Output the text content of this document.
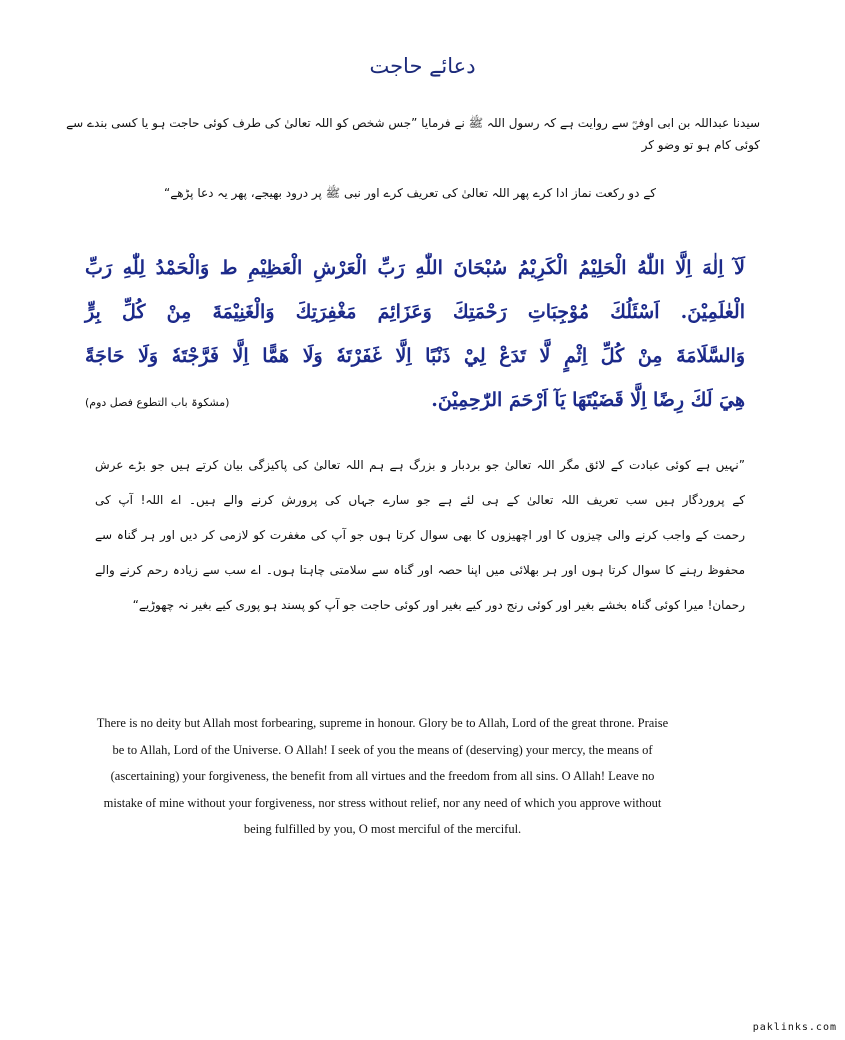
دعائے حاجت
سیدنا عبداللہ بن ابی اوفیؓ سے روایت ہے کہ رسول اللہ ﷺ نے فرمایا ”جس شخص کو اللہ تعالیٰ کی طرف کوئی حاجت ہو یا کسی بندے سے کوئی کام ہو تو وضو کر
کے دو رکعت نماز ادا کرے پھر اللہ تعالیٰ کی تعریف کرے اور نبی ﷺ پر درود بھیجے، پھر یہ دعا پڑھے“
لَآ اِلٰهَ اِلَّا اللّٰهُ الْحَلِيْمُ الْكَرِيْمُ سُبْحَانَ اللّٰهِ رَبِّ الْعَرْشِ الْعَظِيْمِ ط وَالْحَمْدُ لِلّٰهِ رَبِّ
الْعٰلَمِيْنَ. اَسْئَلُكَ مُوْجِبَاتِ رَحْمَتِكَ وَعَزَائِمَ مَغْفِرَتِكَ وَالْغَنِيْمَةَ مِنْ كُلِّ بِرٍّ
وَالسَّلَامَةَ مِنْ كُلِّ اِثْمٍ لَّا تَدَعْ لِيْ ذَنْبًا اِلَّا غَفَرْتَهٗ وَلَا هَمًّا اِلَّا فَرَّجْتَهٗ وَلَا حَاجَةً
هِيَ لَكَ رِضًا اِلَّا قَضَيْتَهَا يَآ اَرْحَمَ الرّٰحِمِيْنَ.
(مشکوۃ باب التطوع فصل دوم)
”نہیں ہے کوئی عبادت کے لائق مگر اللہ تعالیٰ جو بردبار و بزرگ ہے ہم اللہ تعالیٰ کی پاکیزگی بیان کرتے ہیں جو بڑے عرش
کے پروردگار ہیں سب تعریف اللہ تعالیٰ کے ہی لئے ہے جو سارے جہاں کی پرورش کرنے والے ہیں۔ اے اللہ! آپ کی
رحمت کے واجب کرنے والی چیزوں کا اور اچھیزوں کا بھی سوال کرتا ہوں جو آپ کی مغفرت کو لازمی کر دیں اور ہر گناہ سے
محفوظ رہنے کا سوال کرتا ہوں اور ہر بھلائی میں اپنا حصہ اور گناہ سے سلامتی چاہتا ہوں۔ اے سب سے زیادہ رحم کرنے والے
رحمان! میرا کوئی گناہ بخشے بغیر اور کوئی رنج دور کیے بغیر اور کوئی حاجت جو آپ کو پسند ہو پوری کیے بغیر نہ چھوڑیے“
There is no deity but Allah most forbearing, supreme in honour. Glory be to Allah, Lord of the great throne. Praise be to Allah, Lord of the Universe. O Allah! I seek of you the means of (deserving) your mercy, the means of (ascertaining) your forgiveness, the benefit from all virtues and the freedom from all sins. O Allah! Leave no mistake of mine without your forgiveness, nor stress without relief, nor any need of which you approve without being fulfilled by you, O most merciful of the merciful.
paklinks.com
